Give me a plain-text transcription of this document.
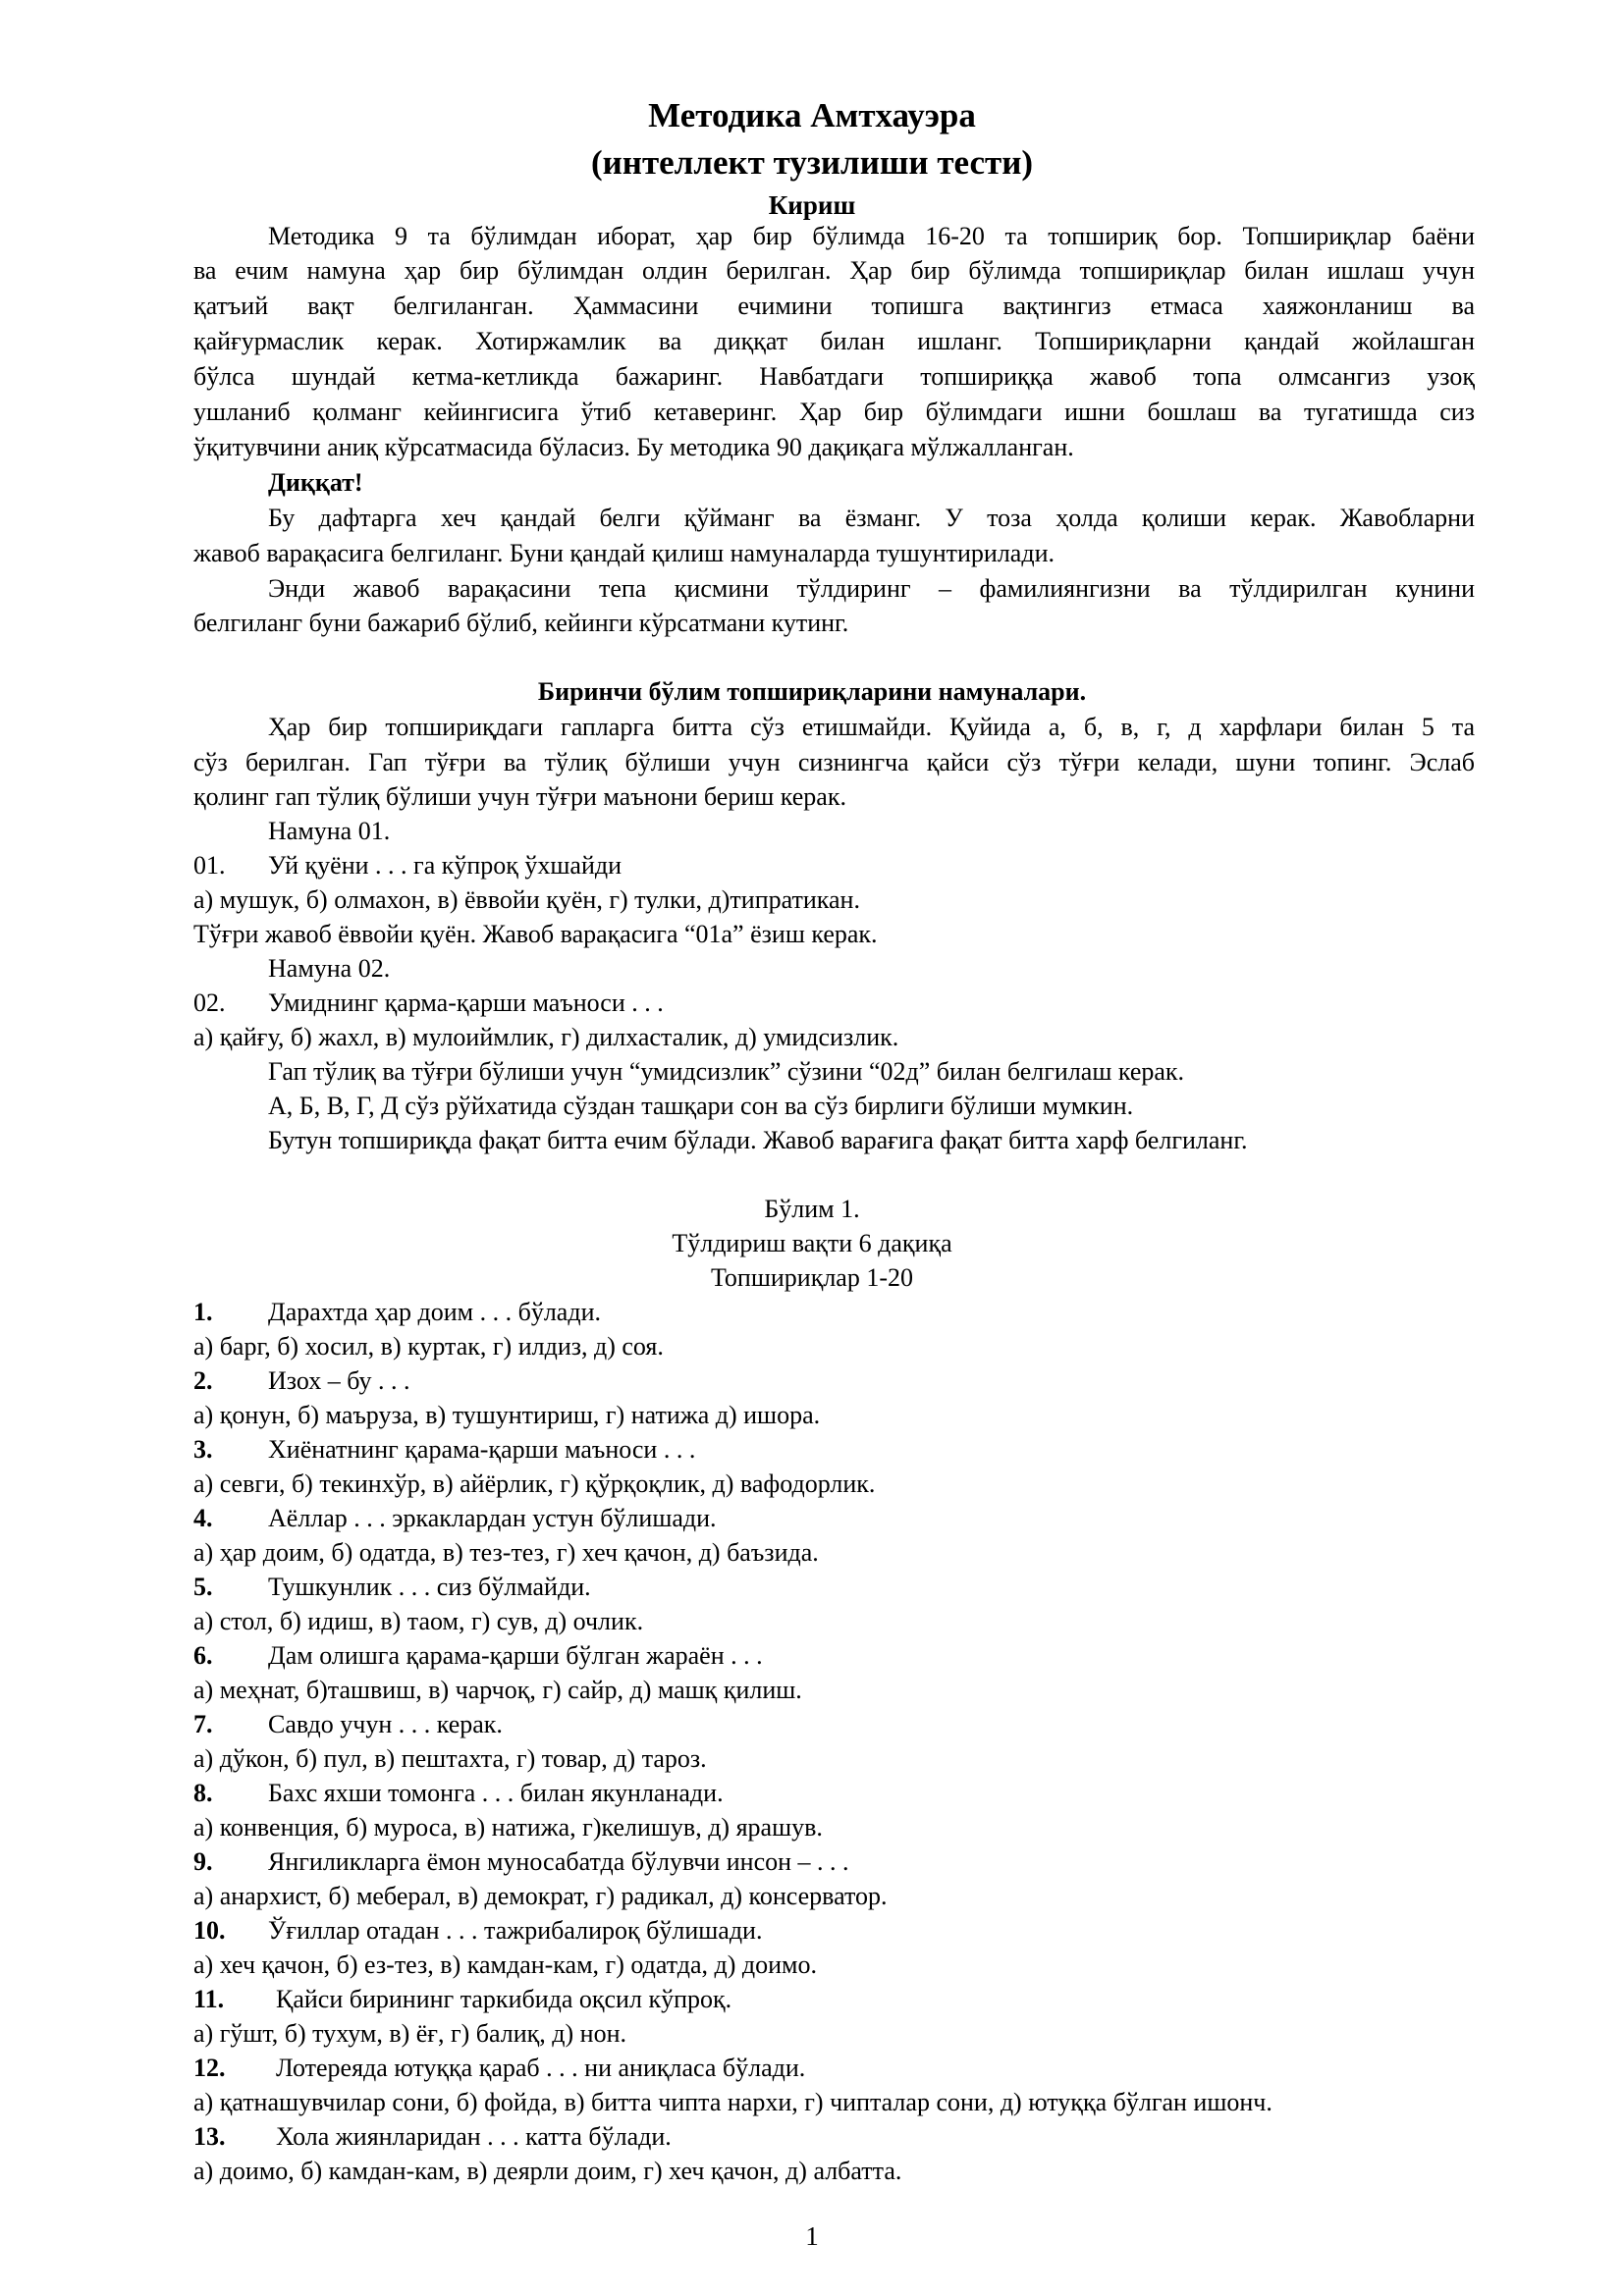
Методика Амтхауэра
(интеллект тузилиши тести)
Кириш
Методика 9 та бўлимдан иборат, ҳар бир бўлимда 16-20 та топшириқ бор. Топшириқлар баёни
ва ечим намуна ҳар бир бўлимдан олдин берилган. Ҳар бир бўлимда топшириқлар билан ишлаш учун
қатъий вақт белгиланган. Ҳаммасини ечимини топишга вақтингиз етмаса хаяжонланиш ва
қайғурмаслик керак. Хотиржамлик ва диққат билан ишланг. Топшириқларни қандай жойлашган
бўлса шундай кетма-кетликда бажаринг. Навбатдаги топшириққа жавоб топа олмсангиз узоқ
ушланиб қолманг кейингисига ўтиб кетаверинг. Ҳар бир бўлимдаги ишни бошлаш ва тугатишда сиз
ўқитувчини аниқ кўрсатмасида бўласиз. Бу методика 90 дақиқага мўлжалланган.
Диққат!
Бу дафтарга хеч қандай белги қўйманг ва ёзманг. У тоза ҳолда қолиши керак. Жавобларни
жавоб варақасига белгиланг. Буни қандай қилиш намуналарда тушунтирилади.
Энди жавоб варақасини тепа қисмини тўлдиринг – фамилиянгизни ва тўлдирилган кунини
белгиланг буни бажариб бўлиб, кейинги кўрсатмани кутинг.
Биринчи бўлим топшириқларини намуналари.
Ҳар бир топшириқдаги гапларга битта сўз етишмайди. Қуйида а, б, в, г, д харфлари билан 5 та
сўз берилган. Гап тўғри ва тўлиқ бўлиши учун сизнингча қайси сўз тўғри келади, шуни топинг. Эслаб
қолинг гап тўлиқ бўлиши учун тўғри маънони бериш керак.
Намуна 01.
01. Уй қуёни . . . га кўпроқ ўхшайди
а) мушук, б) олмахон, в) ёввойи қуён, г) тулки, д)типратикан.
Тўғри жавоб ёввойи қуён. Жавоб варақасига “01а” ёзиш керак.
Намуна 02.
02. Умиднинг қарма-қарши маъноси . . .
а) қайғу, б) жахл, в) мулоиймлик, г) дилхасталик, д) умидсизлик.
Гап тўлиқ ва тўғри бўлиши учун “умидсизлик” сўзини “02д” билан белгилаш керак.
А, Б, В, Г, Д сўз рўйхатида сўздан ташқари сон ва сўз бирлиги бўлиши мумкин.
Бутун топшириқда фақат битта ечим бўлади. Жавоб варағига фақат битта харф белгиланг.
Бўлим 1.
Тўлдириш вақти 6 дақиқа
Топшириқлар 1-20
1. Дарахтда ҳар доим . . . бўлади.
а) барг, б) хосил, в) куртак, г) илдиз, д) соя.
2. Изох – бу . . .
а) қонун, б) маъруза, в) тушунтириш, г) натижа д) ишора.
3. Хиёнатнинг қарама-қарши маъноси . . .
а) севги, б) текинхўр, в) айёрлик, г) қўрқоқлик, д) вафодорлик.
4. Аёллар . . . эркаклардан устун бўлишади.
а) ҳар доим, б) одатда, в) тез-тез, г) хеч қачон, д) баъзида.
5. Тушкунлик . . . сиз бўлмайди.
а) стол, б) идиш, в) таом, г) сув, д) очлик.
6. Дам олишга қарама-қарши бўлган жараён . . .
а) меҳнат, б)ташвиш, в) чарчоқ, г) сайр, д) машқ қилиш.
7. Савдо учун . . . керак.
а) дўкон, б) пул, в) пештахта, г) товар, д) тароз.
8. Бахс яхши томонга . . . билан якунланади.
а) конвенция, б) муроса, в) натижа, г)келишув, д) ярашув.
9. Янгиликларга ёмон муносабатда бўлувчи инсон – . . .
а) анархист, б) меберал, в) демократ, г) радикал, д) консерватор.
10. Ўғиллар отадан . . . тажрибалироқ бўлишади.
а) хеч қачон, б) ез-тез, в) камдан-кам, г) одатда, д) доимо.
11. Қайси бирининг таркибида оқсил кўпроқ.
а) гўшт, б) тухум, в) ёғ, г) балиқ, д) нон.
12. Лотереяда ютуққа қараб . . . ни аниқласа бўлади.
а) қатнашувчилар сони, б) фойда, в) битта чипта нархи, г) чипталар сони, д) ютуққа бўлган ишонч.
13. Хола жиянларидан . . . катта бўлади.
а) доимо, б) камдан-кам, в) деярли доим, г) хеч қачон, д) албатта.
1
